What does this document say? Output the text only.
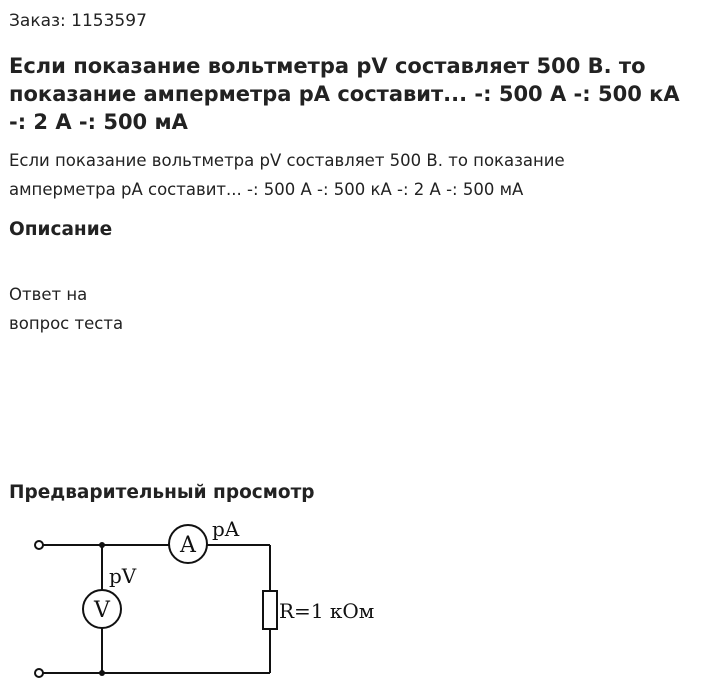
Заказ: 1153597
Если показание вольтметра pV составляет 500 В. то показание амперметра pA составит... -: 500 А -: 500 кА -: 2 А -: 500 мА

Если показание вольтметра pV составляет 500 В. то показание амперметра pA составит... -: 500 А -: 500 кА -: 2 А -: 500 мА

Описание
Ответ на
вопрос теста
Предварительный просмотр
A
pA
R=1 кОм
V
pV
